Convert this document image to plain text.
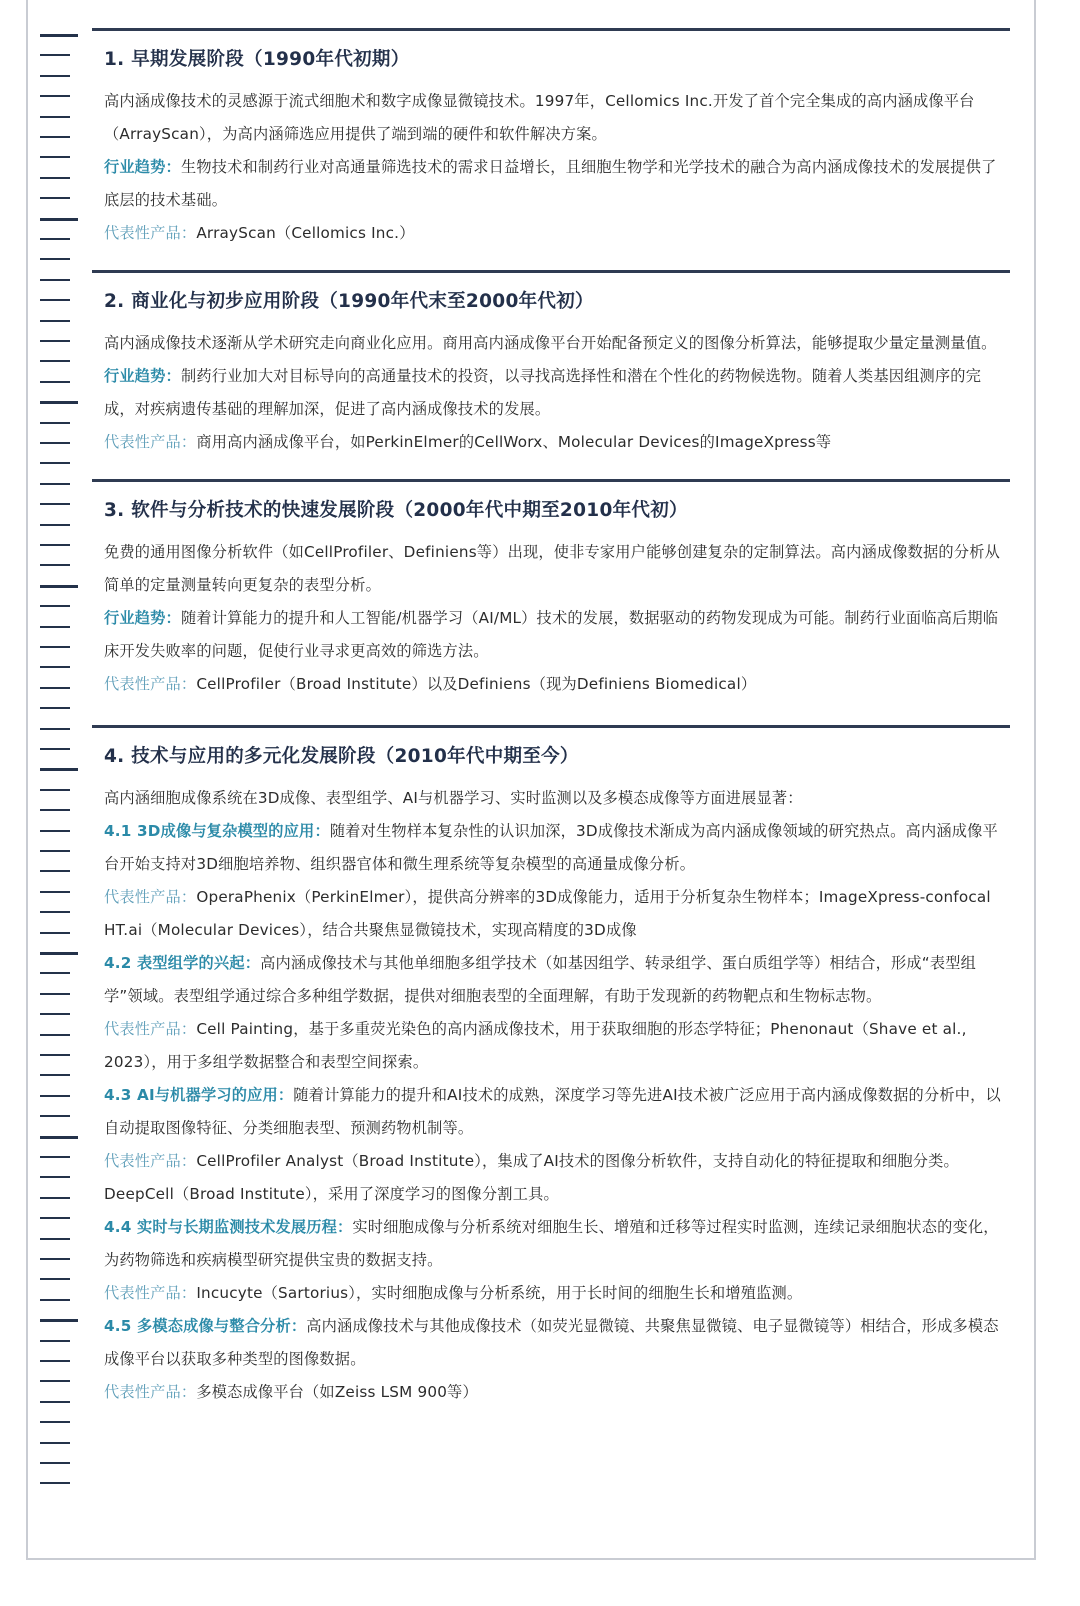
1. 早期发展阶段（1990年代初期）

高内涵成像技术的灵感源于流式细胞术和数字成像显微镜技术。1997年，Cellomics Inc.开发了首个完全集成的高内涵成像平台（ArrayScan），为高内涵筛选应用提供了端到端的硬件和软件解决方案。

行业趋势：生物技术和制药行业对高通量筛选技术的需求日益增长，且细胞生物学和光学技术的融合为高内涵成像技术的发展提供了底层的技术基础。

代表性产品：ArrayScan（Cellomics Inc.）

2. 商业化与初步应用阶段（1990年代末至2000年代初）

高内涵成像技术逐渐从学术研究走向商业化应用。商用高内涵成像平台开始配备预定义的图像分析算法，能够提取少量定量测量值。

行业趋势：制药行业加大对目标导向的高通量技术的投资，以寻找高选择性和潜在个性化的药物候选物。随着人类基因组测序的完成，对疾病遗传基础的理解加深，促进了高内涵成像技术的发展。

代表性产品：商用高内涵成像平台，如PerkinElmer的CellWorx、Molecular Devices的ImageXpress等

3. 软件与分析技术的快速发展阶段（2000年代中期至2010年代初）

免费的通用图像分析软件（如CellProfiler、Definiens等）出现，使非专家用户能够创建复杂的定制算法。高内涵成像数据的分析从简单的定量测量转向更复杂的表型分析。

行业趋势：随着计算能力的提升和人工智能/机器学习（AI/ML）技术的发展，数据驱动的药物发现成为可能。制药行业面临高后期临床开发失败率的问题，促使行业寻求更高效的筛选方法。

代表性产品：CellProfiler（Broad Institute）以及Definiens（现为Definiens Biomedical）

4. 技术与应用的多元化发展阶段（2010年代中期至今）

高内涵细胞成像系统在3D成像、表型组学、AI与机器学习、实时监测以及多模态成像等方面进展显著：

4.1 3D成像与复杂模型的应用：随着对生物样本复杂性的认识加深，3D成像技术渐成为高内涵成像领域的研究热点。高内涵成像平台开始支持对3D细胞培养物、组织器官体和微生理系统等复杂模型的高通量成像分析。

代表性产品：OperaPhenix（PerkinElmer），提供高分辨率的3D成像能力，适用于分析复杂生物样本；ImageXpress-confocal HT.ai（Molecular Devices），结合共聚焦显微镜技术，实现高精度的3D成像

4.2 表型组学的兴起：高内涵成像技术与其他单细胞多组学技术（如基因组学、转录组学、蛋白质组学等）相结合，形成“表型组学”领域。表型组学通过综合多种组学数据，提供对细胞表型的全面理解，有助于发现新的药物靶点和生物标志物。

代表性产品：Cell Painting，基于多重荧光染色的高内涵成像技术，用于获取细胞的形态学特征；Phenonaut（Shave et al., 2023），用于多组学数据整合和表型空间探索。

4.3 AI与机器学习的应用：随着计算能力的提升和AI技术的成熟，深度学习等先进AI技术被广泛应用于高内涵成像数据的分析中，以自动提取图像特征、分类细胞表型、预测药物机制等。

代表性产品：CellProfiler Analyst（Broad Institute），集成了AI技术的图像分析软件，支持自动化的特征提取和细胞分类。DeepCell（Broad Institute），采用了深度学习的图像分割工具。

4.4 实时与长期监测技术发展历程：实时细胞成像与分析系统对细胞生长、增殖和迁移等过程实时监测，连续记录细胞状态的变化，为药物筛选和疾病模型研究提供宝贵的数据支持。

代表性产品：Incucyte（Sartorius），实时细胞成像与分析系统，用于长时间的细胞生长和增殖监测。

4.5 多模态成像与整合分析：高内涵成像技术与其他成像技术（如荧光显微镜、共聚焦显微镜、电子显微镜等）相结合，形成多模态成像平台以获取多种类型的图像数据。

代表性产品：多模态成像平台（如Zeiss LSM 900等）
